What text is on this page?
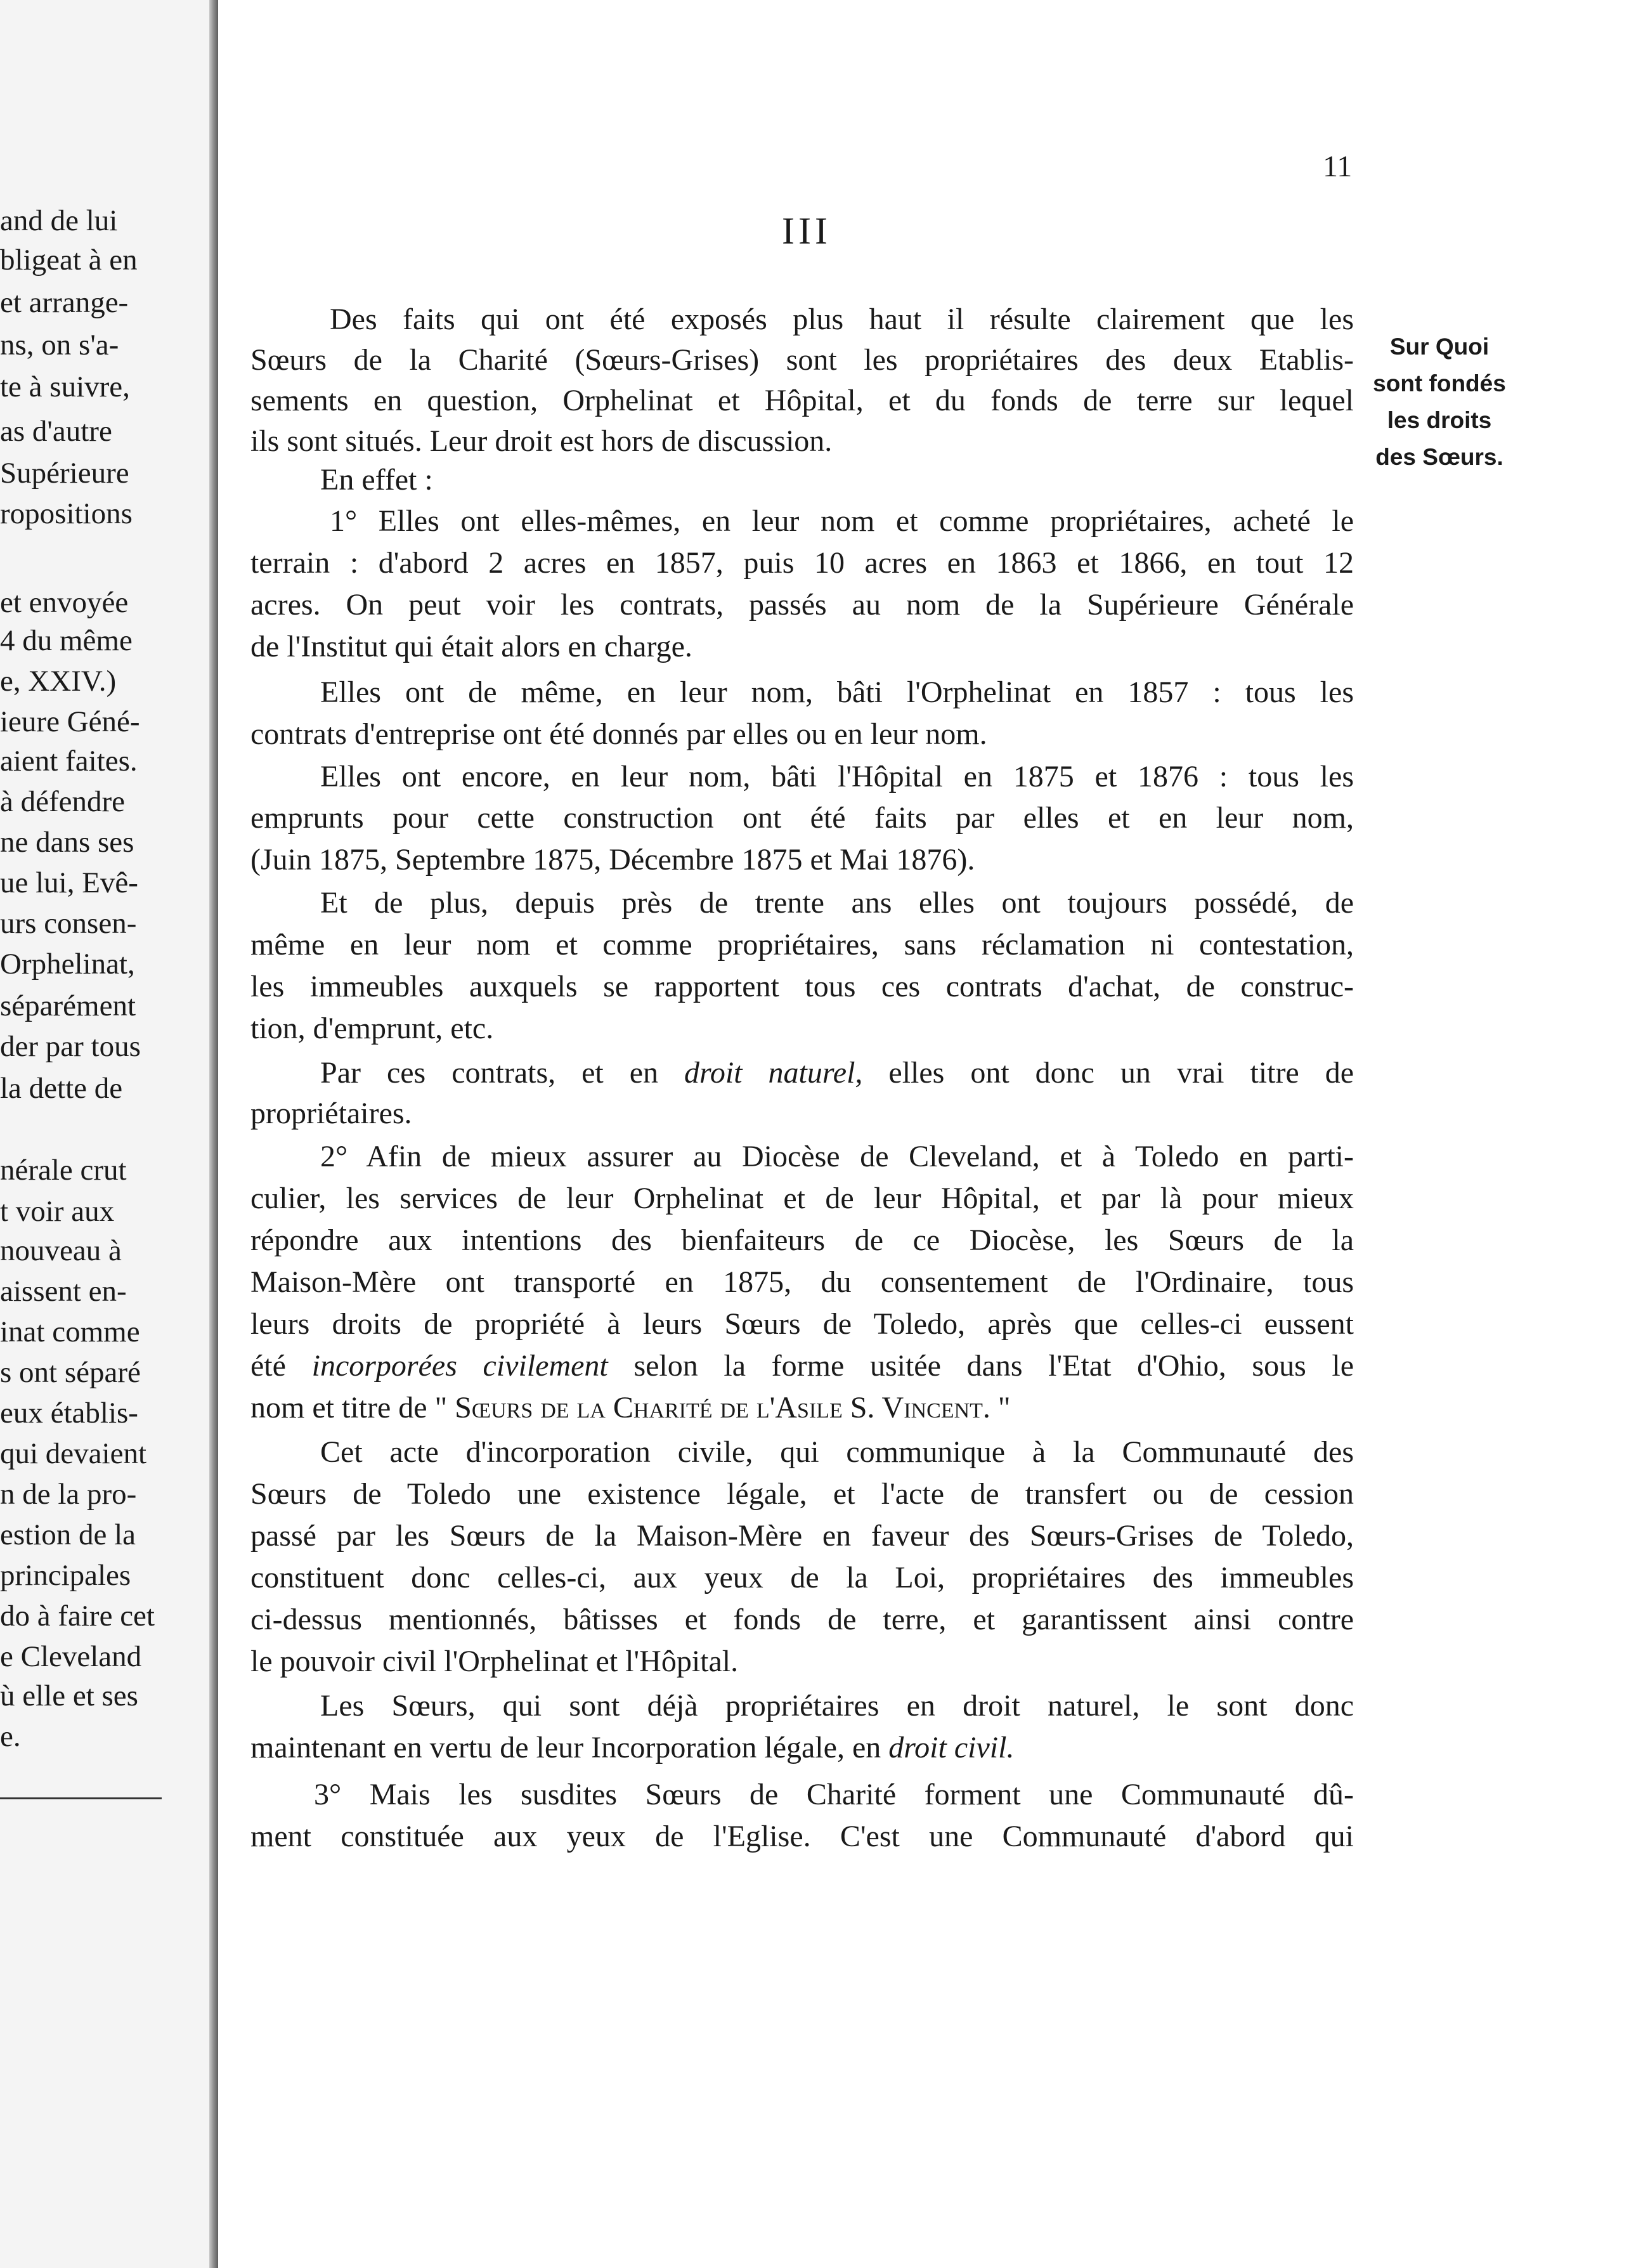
and de lui
bligeat à en
et arrange-
ns, on s'a-
te à suivre,
as d'autre
Supérieure
ropositions
et envoyée
4 du même
e, XXIV.)
ieure Géné-
aient faites.
à défendre
ne dans ses
ue lui, Evê-
urs consen-
Orphelinat,
séparément
der par tous
la dette de
nérale crut
t voir aux
nouveau à
aissent en-
inat comme
s ont séparé
eux établis-
qui devaient
n de la pro-
estion de la
principales
do à faire cet
e Cleveland
ù elle et ses
e.
11
III
Sur Quoi
sont fondés
les droits
des Sœurs.
Des faits qui ont été exposés plus haut il résulte clairement que les
Sœurs de la Charité (Sœurs-Grises) sont les propriétaires des deux Etablis-
sements en question, Orphelinat et Hôpital, et du fonds de terre sur lequel
ils sont situés. Leur droit est hors de discussion.
En effet :
1° Elles ont elles-mêmes, en leur nom et comme propriétaires, acheté le
terrain : d'abord 2 acres en 1857, puis 10 acres en 1863 et 1866, en tout 12
acres. On peut voir les contrats, passés au nom de la Supérieure Générale
de l'Institut qui était alors en charge.
Elles ont de même, en leur nom, bâti l'Orphelinat en 1857 : tous les
contrats d'entreprise ont été donnés par elles ou en leur nom.
Elles ont encore, en leur nom, bâti l'Hôpital en 1875 et 1876 : tous les
emprunts pour cette construction ont été faits par elles et en leur nom,
(Juin 1875, Septembre 1875, Décembre 1875 et Mai 1876).
Et de plus, depuis près de trente ans elles ont toujours possédé, de
même en leur nom et comme propriétaires, sans réclamation ni contestation,
les immeubles auxquels se rapportent tous ces contrats d'achat, de construc-
tion, d'emprunt, etc.
Par ces contrats, et en droit naturel, elles ont donc un vrai titre de
propriétaires.
2° Afin de mieux assurer au Diocèse de Cleveland, et à Toledo en parti-
culier, les services de leur Orphelinat et de leur Hôpital, et par là pour mieux
répondre aux intentions des bienfaiteurs de ce Diocèse, les Sœurs de la
Maison-Mère ont transporté en 1875, du consentement de l'Ordinaire, tous
leurs droits de propriété à leurs Sœurs de Toledo, après que celles-ci eussent
été incorporées civilement selon la forme usitée dans l'Etat d'Ohio, sous le
nom et titre de " Sœurs de la Charité de l'Asile S. Vincent. "
Cet acte d'incorporation civile, qui communique à la Communauté des
Sœurs de Toledo une existence légale, et l'acte de transfert ou de cession
passé par les Sœurs de la Maison-Mère en faveur des Sœurs-Grises de Toledo,
constituent donc celles-ci, aux yeux de la Loi, propriétaires des immeubles
ci-dessus mentionnés, bâtisses et fonds de terre, et garantissent ainsi contre
le pouvoir civil l'Orphelinat et l'Hôpital.
Les Sœurs, qui sont déjà propriétaires en droit naturel, le sont donc
maintenant en vertu de leur Incorporation légale, en droit civil.
3° Mais les susdites Sœurs de Charité forment une Communauté dû-
ment constituée aux yeux de l'Eglise. C'est une Communauté d'abord qui
